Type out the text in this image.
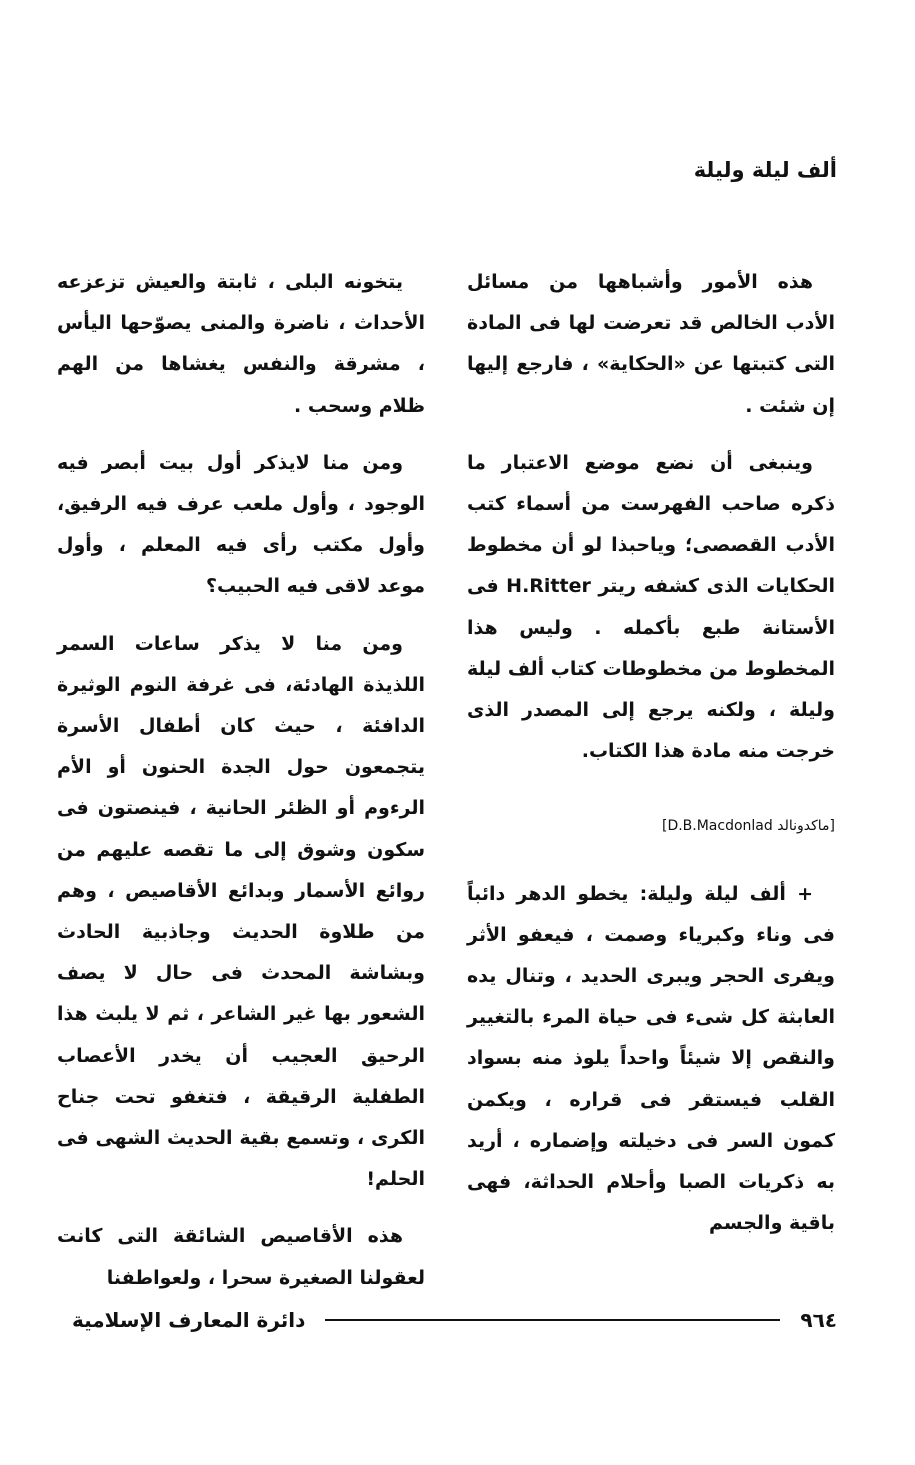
ألف ليلة وليلة

هذه الأمور وأشباهها من مسائل الأدب الخالص قد تعرضت لها فى المادة التى كتبتها عن «الحكاية» ، فارجع إليها إن شئت .

وينبغى أن نضع موضع الاعتبار ما ذكره صاحب الفهرست من أسماء كتب الأدب القصصى؛ وياحبذا لو أن مخطوط الحكايات الذى كشفه ريتر H.Ritter فى الأستانة طبع بأكمله . وليس هذا المخطوط من مخطوطات كتاب ألف ليلة وليلة ، ولكنه يرجع إلى المصدر الذى خرجت منه مادة هذا الكتاب.

[ماكدونالد D.B.Macdonlad]

+ ألف ليلة وليلة: يخطو الدهر دائباً فى وناء وكبرياء وصمت ، فيعفو الأثر ويفرى الحجر ويبرى الحديد ، وتنال يده العابثة كل شىء فى حياة المرء بالتغيير والنقص إلا شيئاً واحداً يلوذ منه بسواد القلب فيستقر فى قراره ، ويكمن كمون السر فى دخيلته وإضماره ، أريد به ذكريات الصبا وأحلام الحداثة، فهى باقية والجسم

يتخونه البلى ، ثابتة والعيش تزعزعه الأحداث ، ناضرة والمنى يصوّحها اليأس ، مشرقة والنفس يغشاها من الهم ظلام وسحب .

ومن منا لايذكر أول بيت أبصر فيه الوجود ، وأول ملعب عرف فيه الرفيق، وأول مكتب رأى فيه المعلم ، وأول موعد لاقى فيه الحبيب؟

ومن منا لا يذكر ساعات السمر اللذيذة الهادئة، فى غرفة النوم الوثيرة الدافئة ، حيث كان أطفال الأسرة يتجمعون حول الجدة الحنون أو الأم الرءوم أو الظئر الحانية ، فينصتون فى سكون وشوق إلى ما تقصه عليهم من روائع الأسمار وبدائع الأقاصيص ، وهم من طلاوة الحديث وجاذبية الحادث وبشاشة المحدث فى حال لا يصف الشعور بها غير الشاعر ، ثم لا يلبث هذا الرحيق العجيب أن يخدر الأعصاب الطفلية الرقيقة ، فتغفو تحت جناح الكرى ، وتسمع بقية الحديث الشهى فى الحلم!

هذه الأقاصيص الشائقة التى كانت لعقولنا الصغيرة سحرا ، ولعواطفنا

٩٦٤
دائرة المعارف الإسلامية
